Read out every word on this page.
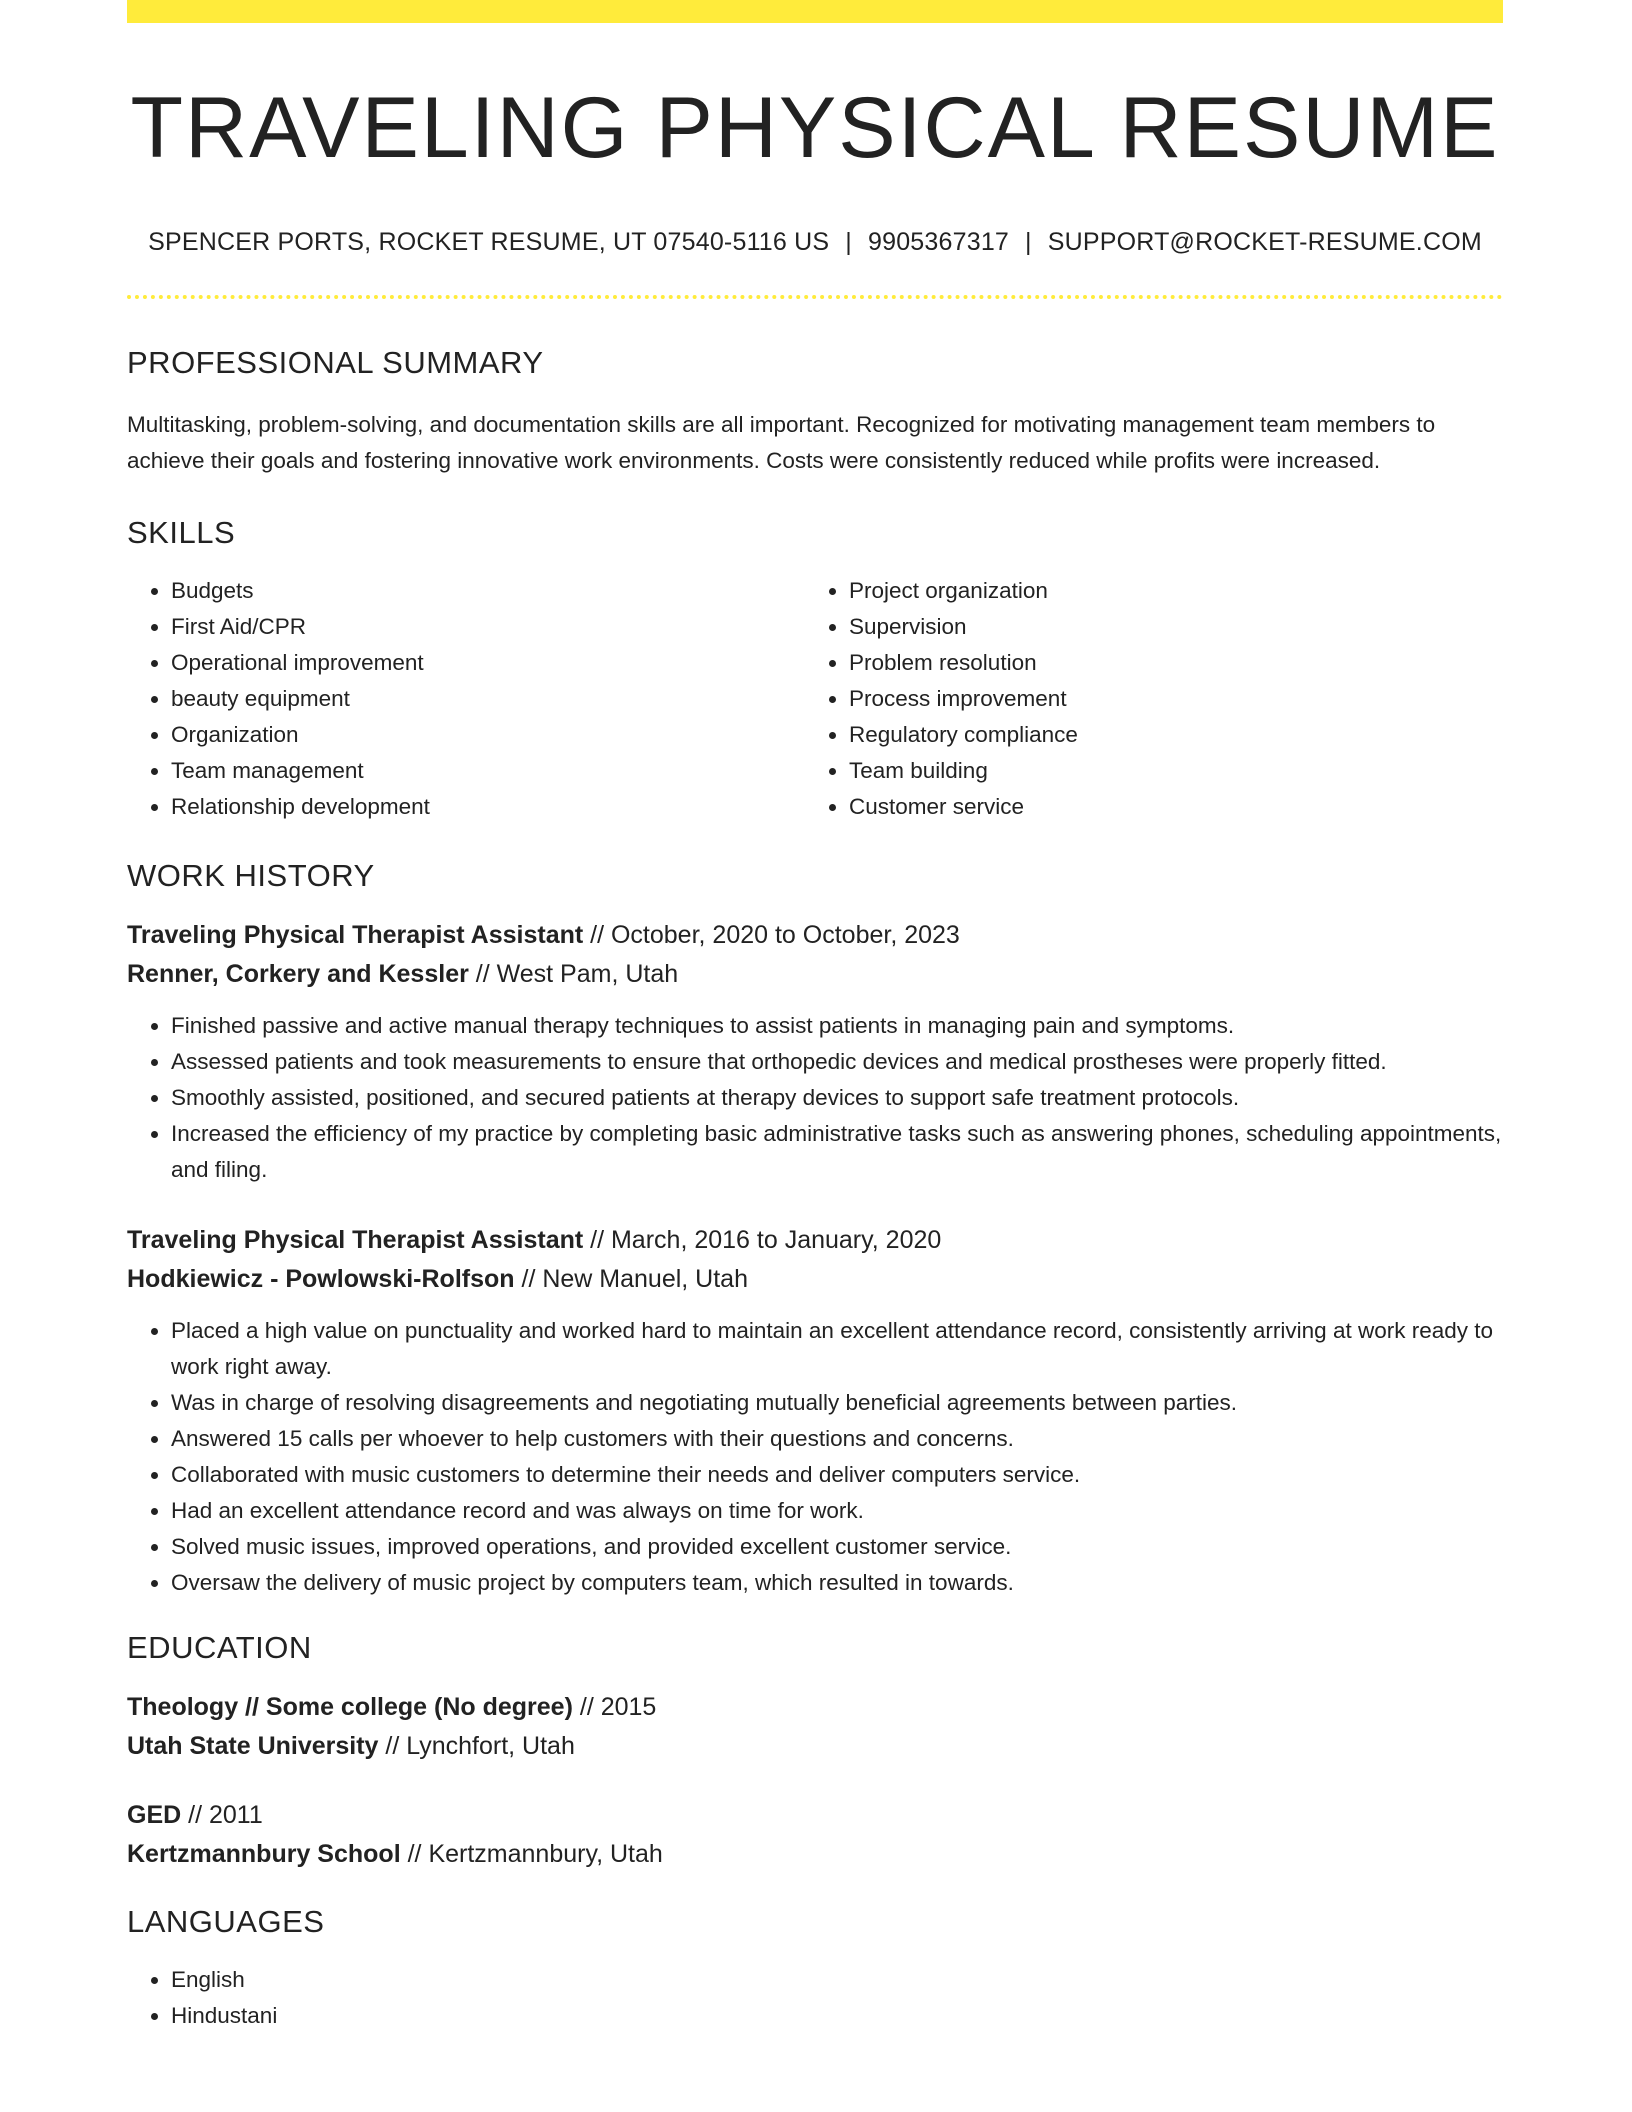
TRAVELING PHYSICAL RESUME
SPENCER PORTS, ROCKET RESUME, UT 07540-5116 US | 9905367317 | SUPPORT@ROCKET-RESUME.COM
PROFESSIONAL SUMMARY
Multitasking, problem-solving, and documentation skills are all important. Recognized for motivating management team members to achieve their goals and fostering innovative work environments. Costs were consistently reduced while profits were increased.
SKILLS
• Budgets
• First Aid/CPR
• Operational improvement
• beauty equipment
• Organization
• Team management
• Relationship development
• Project organization
• Supervision
• Problem resolution
• Process improvement
• Regulatory compliance
• Team building
• Customer service
WORK HISTORY
Traveling Physical Therapist Assistant // October, 2020 to October, 2023
Renner, Corkery and Kessler // West Pam, Utah
• Finished passive and active manual therapy techniques to assist patients in managing pain and symptoms.
• Assessed patients and took measurements to ensure that orthopedic devices and medical prostheses were properly fitted.
• Smoothly assisted, positioned, and secured patients at therapy devices to support safe treatment protocols.
• Increased the efficiency of my practice by completing basic administrative tasks such as answering phones, scheduling appointments, and filing.
Traveling Physical Therapist Assistant // March, 2016 to January, 2020
Hodkiewicz - Powlowski-Rolfson // New Manuel, Utah
• Placed a high value on punctuality and worked hard to maintain an excellent attendance record, consistently arriving at work ready to work right away.
• Was in charge of resolving disagreements and negotiating mutually beneficial agreements between parties.
• Answered 15 calls per whoever to help customers with their questions and concerns.
• Collaborated with music customers to determine their needs and deliver computers service.
• Had an excellent attendance record and was always on time for work.
• Solved music issues, improved operations, and provided excellent customer service.
• Oversaw the delivery of music project by computers team, which resulted in towards.
EDUCATION
Theology // Some college (No degree) // 2015
Utah State University // Lynchfort, Utah
GED // 2011
Kertzmannbury School // Kertzmannbury, Utah
LANGUAGES
• English
• Hindustani
